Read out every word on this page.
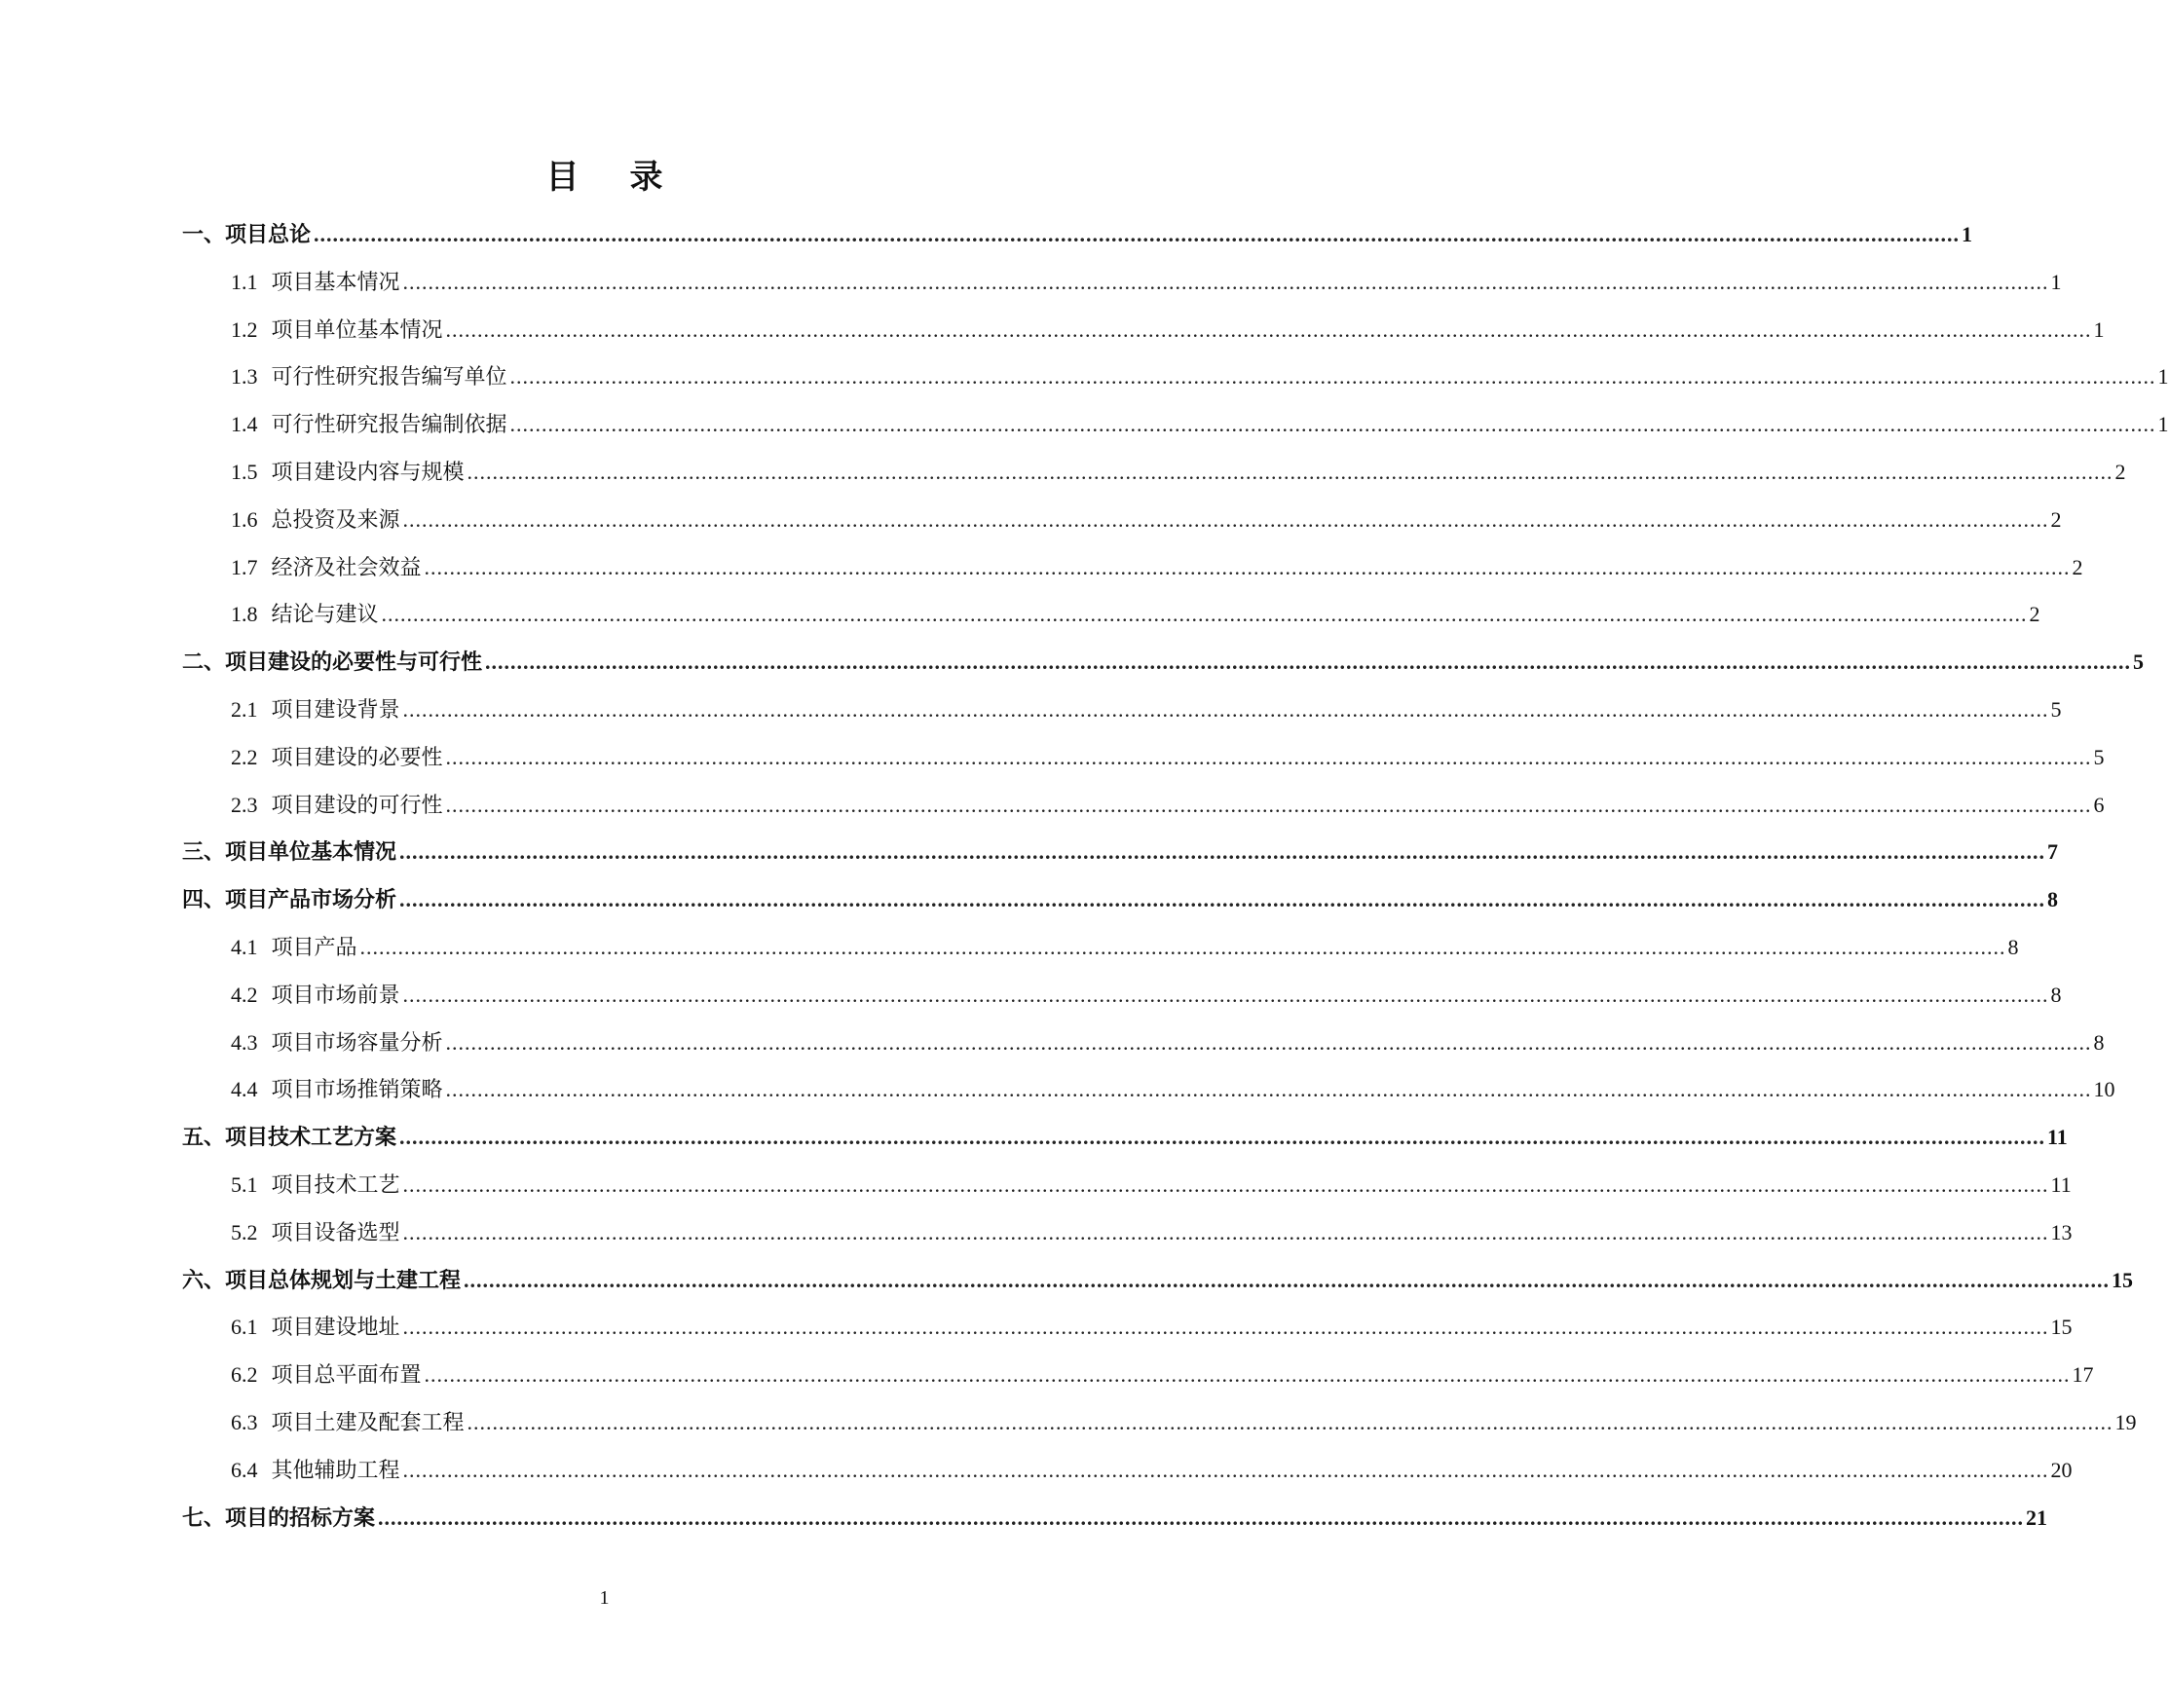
目 录
一、项目总论 .................................................................................................................................................................................................................................................................... 1
1.1 项目基本情况 .................................................................................................................................................................................................................................................................... 1
1.2 项目单位基本情况 .................................................................................................................................................................................................................................................................... 1
1.3 可行性研究报告编写单位 .................................................................................................................................................................................................................................................................... 1
1.4 可行性研究报告编制依据 .................................................................................................................................................................................................................................................................... 1
1.5 项目建设内容与规模 .................................................................................................................................................................................................................................................................... 2
1.6 总投资及来源 .................................................................................................................................................................................................................................................................... 2
1.7 经济及社会效益 .................................................................................................................................................................................................................................................................... 2
1.8 结论与建议 .................................................................................................................................................................................................................................................................... 2
二、项目建设的必要性与可行性 .................................................................................................................................................................................................................................................................... 5
2.1 项目建设背景 .................................................................................................................................................................................................................................................................... 5
2.2 项目建设的必要性 .................................................................................................................................................................................................................................................................... 5
2.3 项目建设的可行性 .................................................................................................................................................................................................................................................................... 6
三、项目单位基本情况 .................................................................................................................................................................................................................................................................... 7
四、项目产品市场分析 .................................................................................................................................................................................................................................................................... 8
4.1 项目产品 .................................................................................................................................................................................................................................................................... 8
4.2 项目市场前景 .................................................................................................................................................................................................................................................................... 8
4.3 项目市场容量分析 .................................................................................................................................................................................................................................................................... 8
4.4 项目市场推销策略 .................................................................................................................................................................................................................................................................... 10
五、项目技术工艺方案 .................................................................................................................................................................................................................................................................... 11
5.1 项目技术工艺 .................................................................................................................................................................................................................................................................... 11
5.2 项目设备选型 .................................................................................................................................................................................................................................................................... 13
六、项目总体规划与土建工程 .................................................................................................................................................................................................................................................................... 15
6.1 项目建设地址 .................................................................................................................................................................................................................................................................... 15
6.2 项目总平面布置 .................................................................................................................................................................................................................................................................... 17
6.3 项目土建及配套工程 .................................................................................................................................................................................................................................................................... 19
6.4 其他辅助工程 .................................................................................................................................................................................................................................................................... 20
七、项目的招标方案 .................................................................................................................................................................................................................................................................... 21
1
